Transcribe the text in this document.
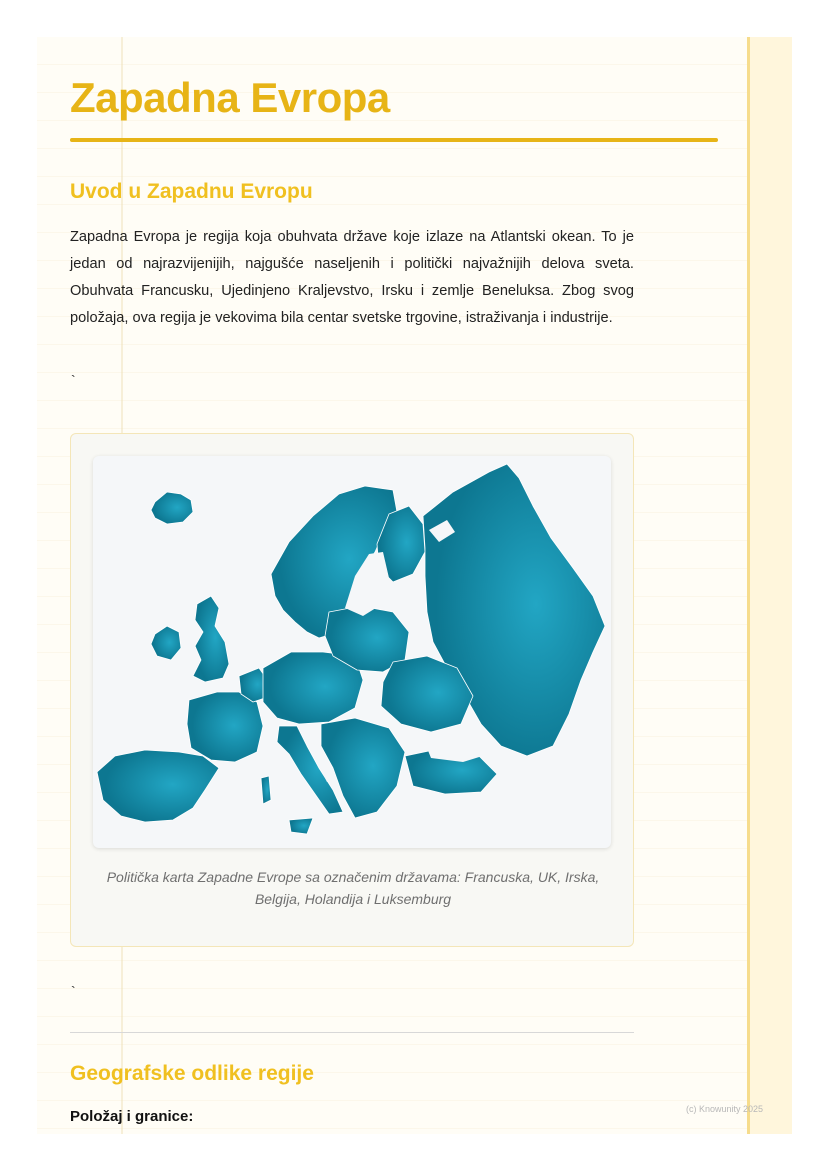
Zapadna Evropa
Uvod u Zapadnu Evropu

Zapadna Evropa je regija koja obuhvata države koje izlaze na Atlantski okean. To je jedan od najrazvijenijih, najgušće naseljenih i politički najvažnijih delova sveta. Obuhvata Francusku, Ujedinjeno Kraljevstvo, Irsku i zemlje Beneluksa. Zbog svog položaja, ova regija je vekovima bila centar svetske trgovine, istraživanja i industrije.

`

Politička karta Zapadne Evrope sa označenim državama: Francuska, UK, Irska, Belgija, Holandija i Luksemburg

`
Geografske odlike regije
Položaj i granice:	(c) Knowunity 2025
